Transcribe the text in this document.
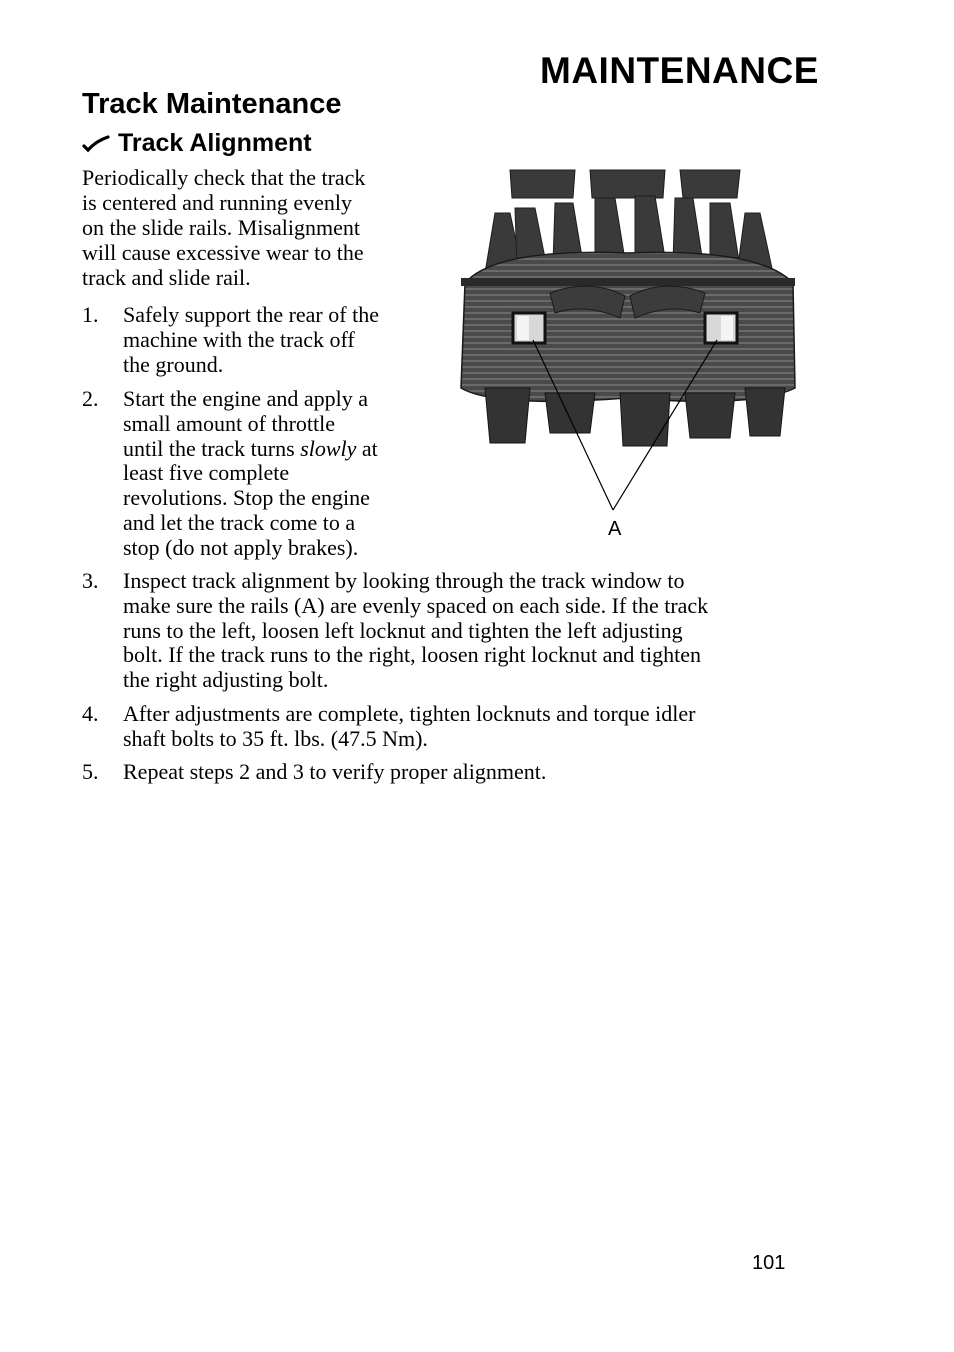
MAINTENANCE
Track Maintenance
Track Alignment
Periodically check that the track
is centered and running evenly
on the slide rails. Misalignment
will cause excessive wear to the
track and slide rail.
1. Safely support the rear of the
machine with the track off
the ground.
2. Start the engine and apply a
small amount of throttle
until the track turns slowly at
least five complete
revolutions. Stop the engine
and let the track come to a
stop (do not apply brakes).
3. Inspect track alignment by looking through the track window to
make sure the rails (A) are evenly spaced on each side. If the track
runs to the left, loosen left locknut and tighten the left adjusting
bolt. If the track runs to the right, loosen right locknut and tighten
the right adjusting bolt.
4. After adjustments are complete, tighten locknuts and torque idler
shaft bolts to 35 ft. lbs. (47.5 Nm).
5. Repeat steps 2 and 3 to verify proper alignment.
A
101
